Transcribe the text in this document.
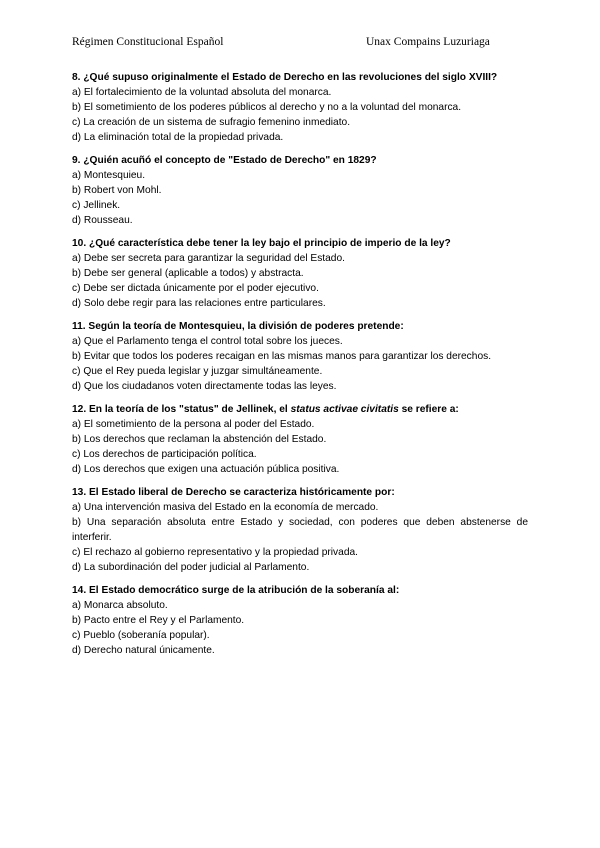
Régimen Constitucional Español	Unax Compains Luzuriaga
8. ¿Qué supuso originalmente el Estado de Derecho en las revoluciones del siglo XVIII?
a) El fortalecimiento de la voluntad absoluta del monarca.
b) El sometimiento de los poderes públicos al derecho y no a la voluntad del monarca.
c) La creación de un sistema de sufragio femenino inmediato.
d) La eliminación total de la propiedad privada.
9. ¿Quién acuñó el concepto de "Estado de Derecho" en 1829?
a) Montesquieu.
b) Robert von Mohl.
c) Jellinek.
d) Rousseau.
10. ¿Qué característica debe tener la ley bajo el principio de imperio de la ley?
a) Debe ser secreta para garantizar la seguridad del Estado.
b) Debe ser general (aplicable a todos) y abstracta.
c) Debe ser dictada únicamente por el poder ejecutivo.
d) Solo debe regir para las relaciones entre particulares.
11. Según la teoría de Montesquieu, la división de poderes pretende:
a) Que el Parlamento tenga el control total sobre los jueces.
b) Evitar que todos los poderes recaigan en las mismas manos para garantizar los derechos.
c) Que el Rey pueda legislar y juzgar simultáneamente.
d) Que los ciudadanos voten directamente todas las leyes.
12. En la teoría de los "status" de Jellinek, el status activae civitatis se refiere a:
a) El sometimiento de la persona al poder del Estado.
b) Los derechos que reclaman la abstención del Estado.
c) Los derechos de participación política.
d) Los derechos que exigen una actuación pública positiva.
13. El Estado liberal de Derecho se caracteriza históricamente por:
a) Una intervención masiva del Estado en la economía de mercado.
b) Una separación absoluta entre Estado y sociedad, con poderes que deben abstenerse de interferir.
c) El rechazo al gobierno representativo y la propiedad privada.
d) La subordinación del poder judicial al Parlamento.
14. El Estado democrático surge de la atribución de la soberanía al:
a) Monarca absoluto.
b) Pacto entre el Rey y el Parlamento.
c) Pueblo (soberanía popular).
d) Derecho natural únicamente.
